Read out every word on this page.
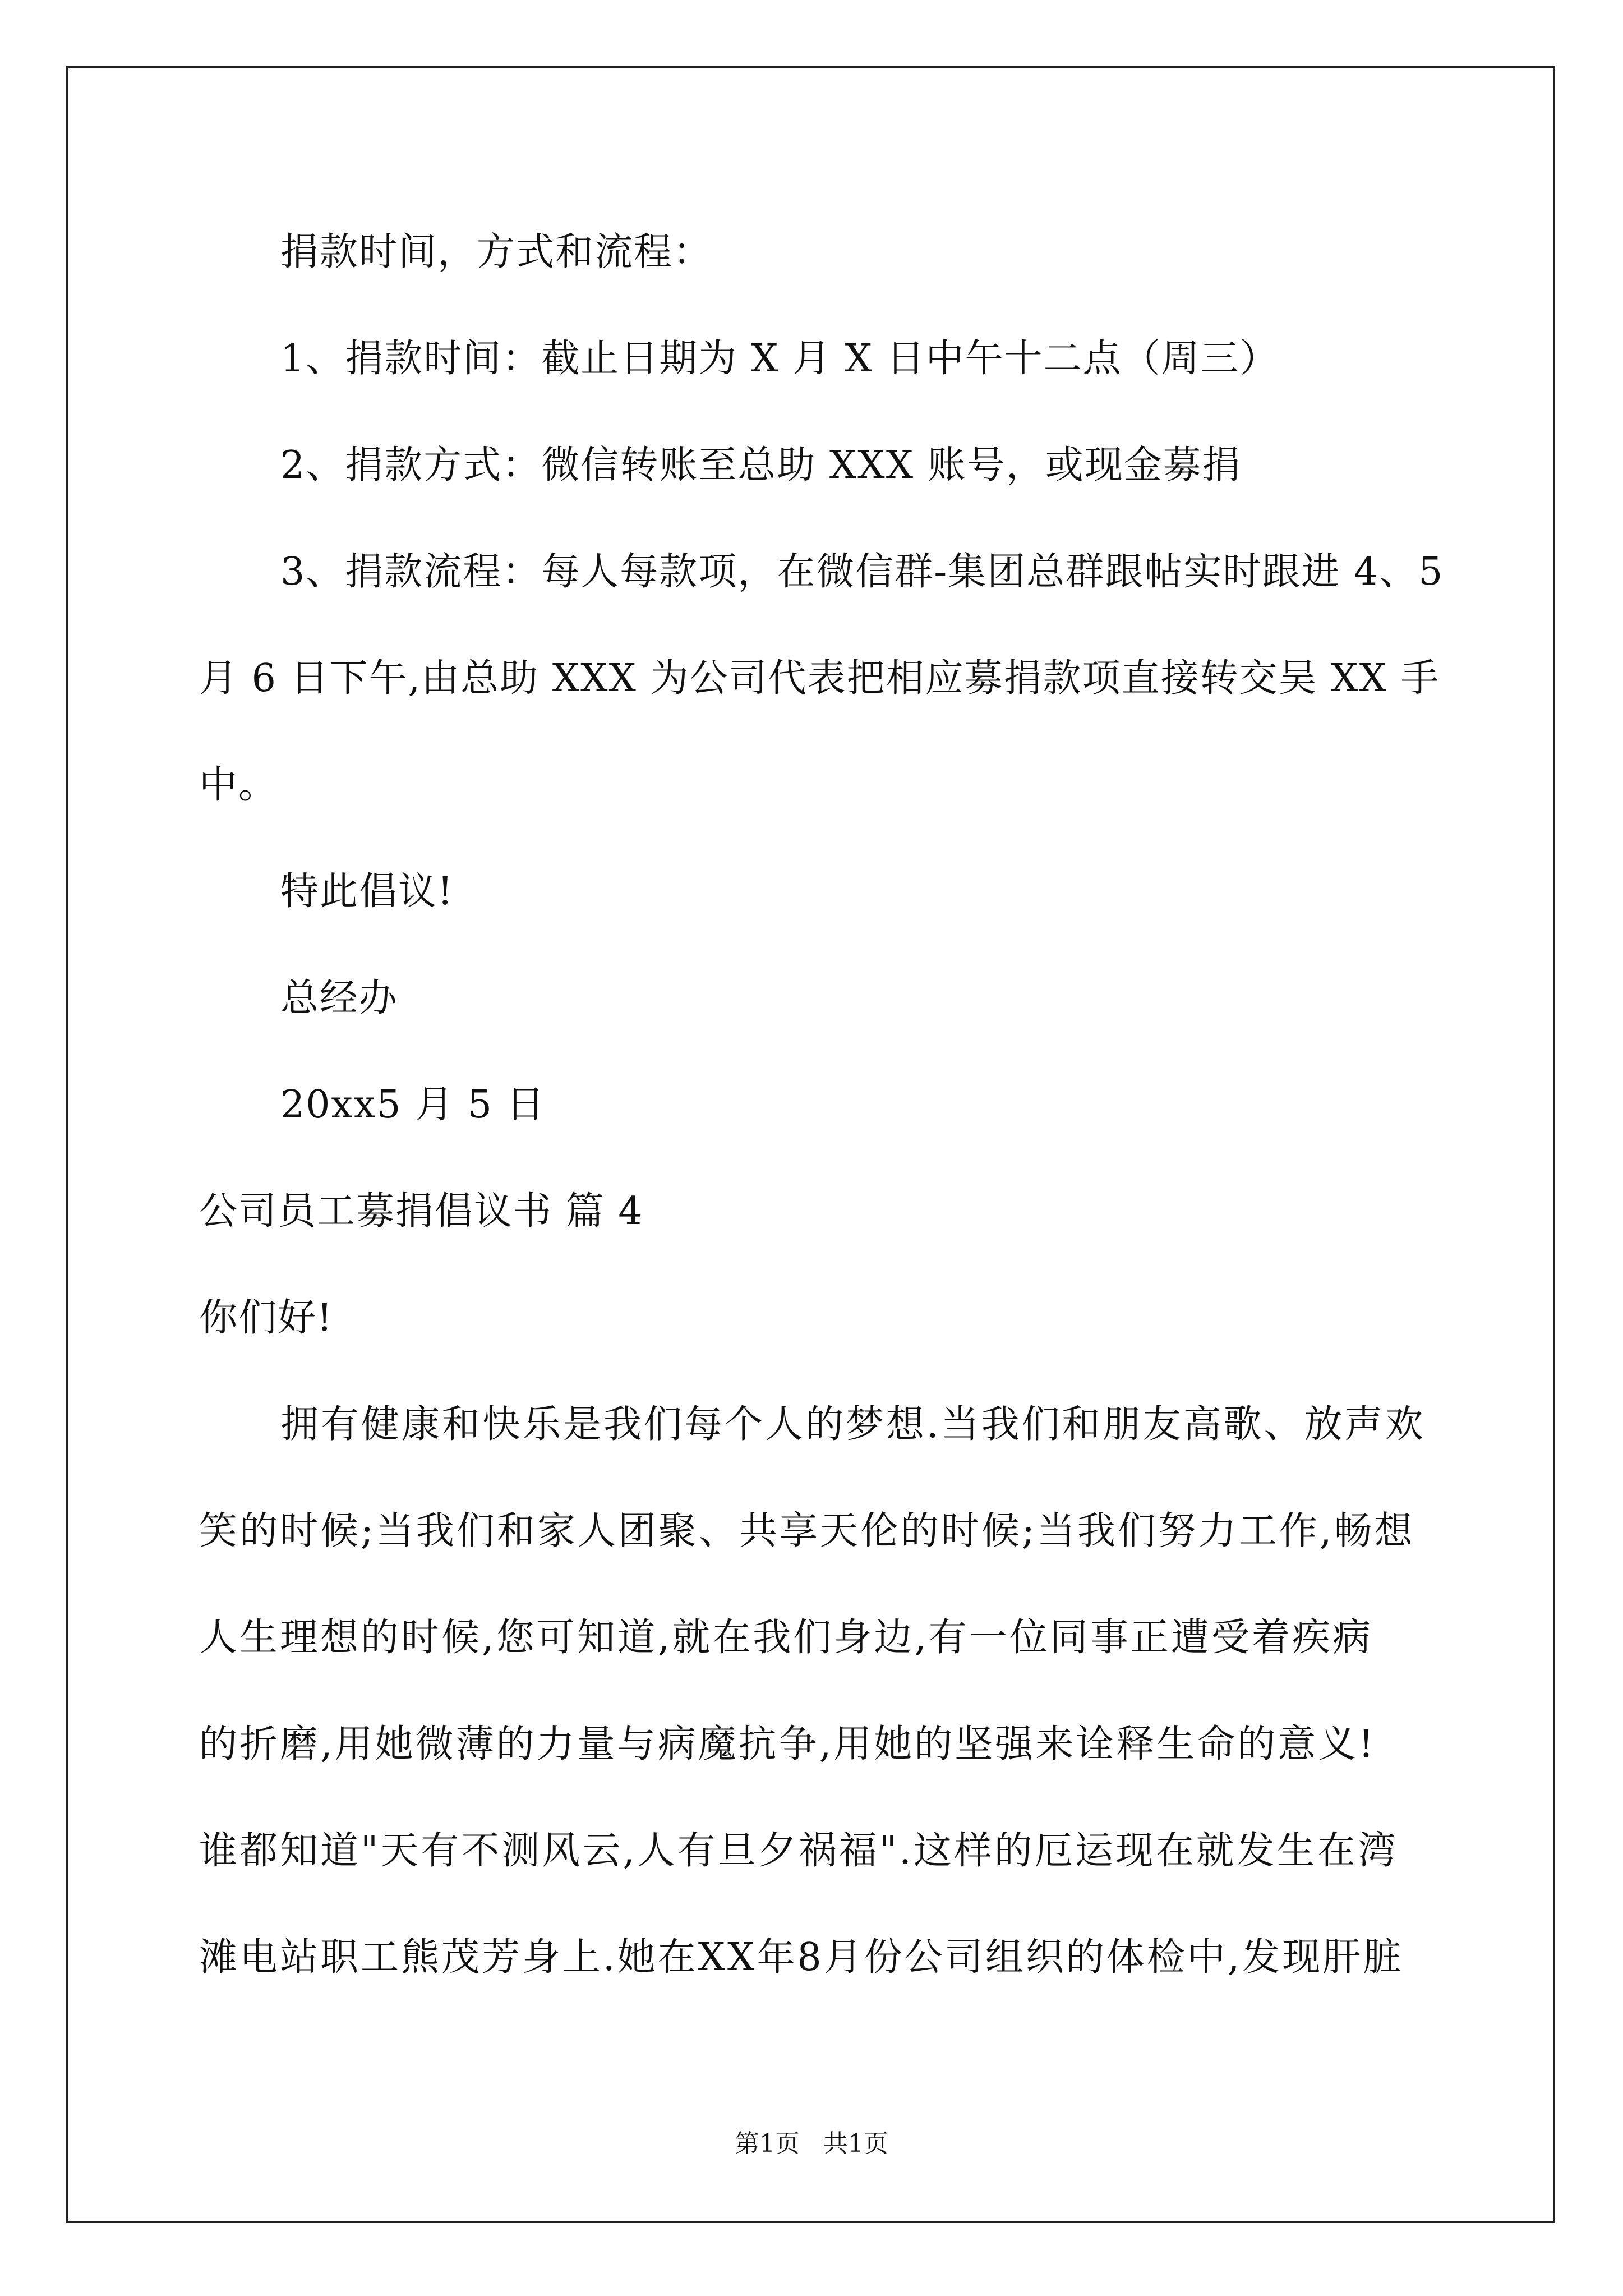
捐款时间，方式和流程：
1、捐款时间：截止日期为 X 月 X 日中午十二点（周三）
2、捐款方式：微信转账至总助 XXX 账号，或现金募捐
3、捐款流程：每人每款项，在微信群-集团总群跟帖实时跟进 4、5
月 6 日下午,由总助 XXX 为公司代表把相应募捐款项直接转交吴 XX 手
中。
特此倡议!
总经办
20xx5 月 5 日
公司员工募捐倡议书 篇 4
你们好!
拥有健康和快乐是我们每个人的梦想.当我们和朋友高歌、放声欢
笑的时候;当我们和家人团聚、共享天伦的时候;当我们努力工作,畅想
人生理想的时候,您可知道,就在我们身边,有一位同事正遭受着疾病
的折磨,用她微薄的力量与病魔抗争,用她的坚强来诠释生命的意义!
谁都知道"天有不测风云,人有旦夕祸福".这样的厄运现在就发生在湾
滩电站职工熊茂芳身上.她在XX年8月份公司组织的体检中,发现肝脏
第1页   共1页
